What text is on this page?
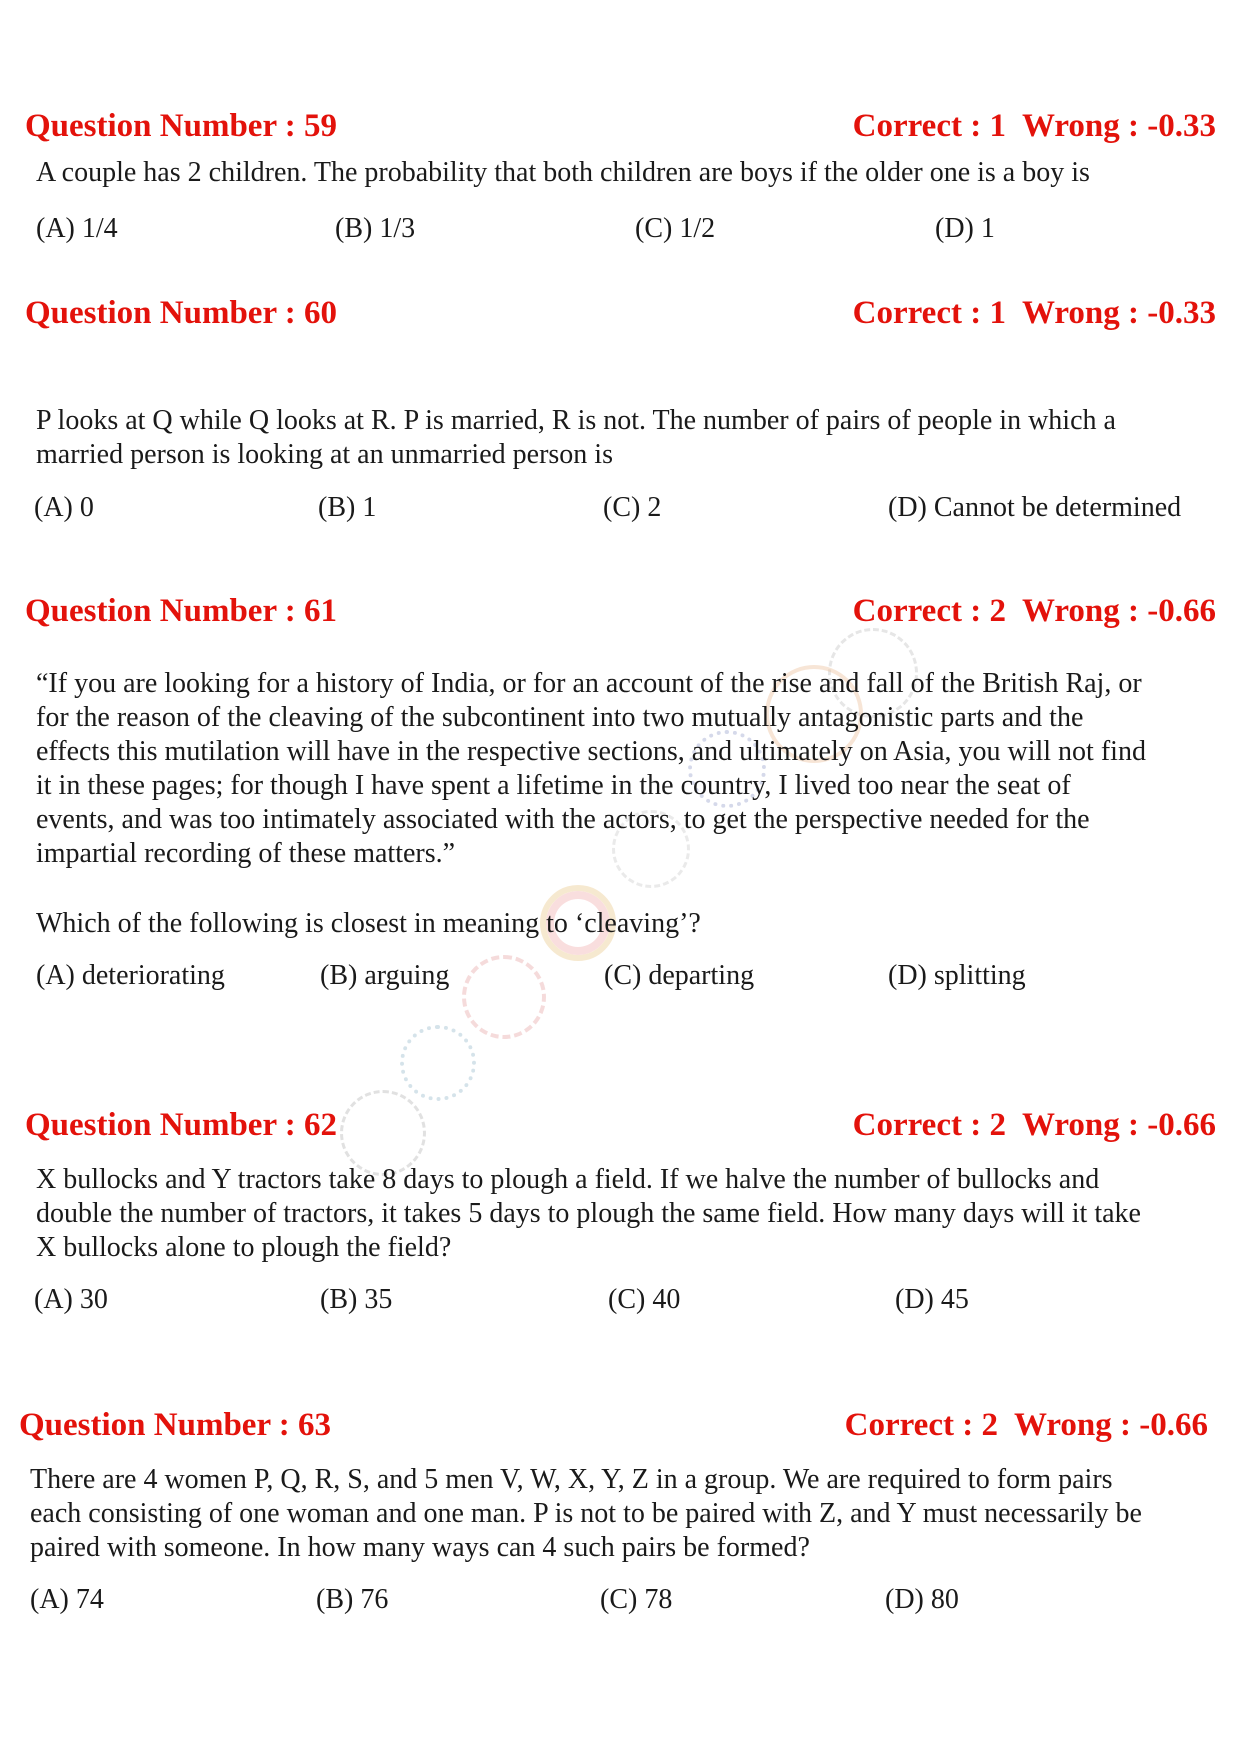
Question Number : 59	Correct : 1 Wrong : -0.33
A couple has 2 children. The probability that both children are boys if the older one is a boy is
(A) 1/4	(B) 1/3	(C) 1/2	(D) 1
Question Number : 60	Correct : 1 Wrong : -0.33
P looks at Q while Q looks at R. P is married, R is not. The number of pairs of people in which a
married person is looking at an unmarried person is
(A) 0	(B) 1	(C) 2	(D) Cannot be determined
Question Number : 61	Correct : 2 Wrong : -0.66
“If you are looking for a history of India, or for an account of the rise and fall of the British Raj, or
for the reason of the cleaving of the subcontinent into two mutually antagonistic parts and the
effects this mutilation will have in the respective sections, and ultimately on Asia, you will not find
it in these pages; for though I have spent a lifetime in the country, I lived too near the seat of
events, and was too intimately associated with the actors, to get the perspective needed for the
impartial recording of these matters.”
Which of the following is closest in meaning to ‘cleaving’?
(A) deteriorating	(B) arguing	(C) departing	(D) splitting
Question Number : 62	Correct : 2 Wrong : -0.66
X bullocks and Y tractors take 8 days to plough a field. If we halve the number of bullocks and
double the number of tractors, it takes 5 days to plough the same field. How many days will it take
X bullocks alone to plough the field?
(A) 30	(B) 35	(C) 40	(D) 45
Question Number : 63	Correct : 2 Wrong : -0.66
There are 4 women P, Q, R, S, and 5 men V, W, X, Y, Z in a group. We are required to form pairs
each consisting of one woman and one man. P is not to be paired with Z, and Y must necessarily be
paired with someone. In how many ways can 4 such pairs be formed?
(A) 74	(B) 76	(C) 78	(D) 80
